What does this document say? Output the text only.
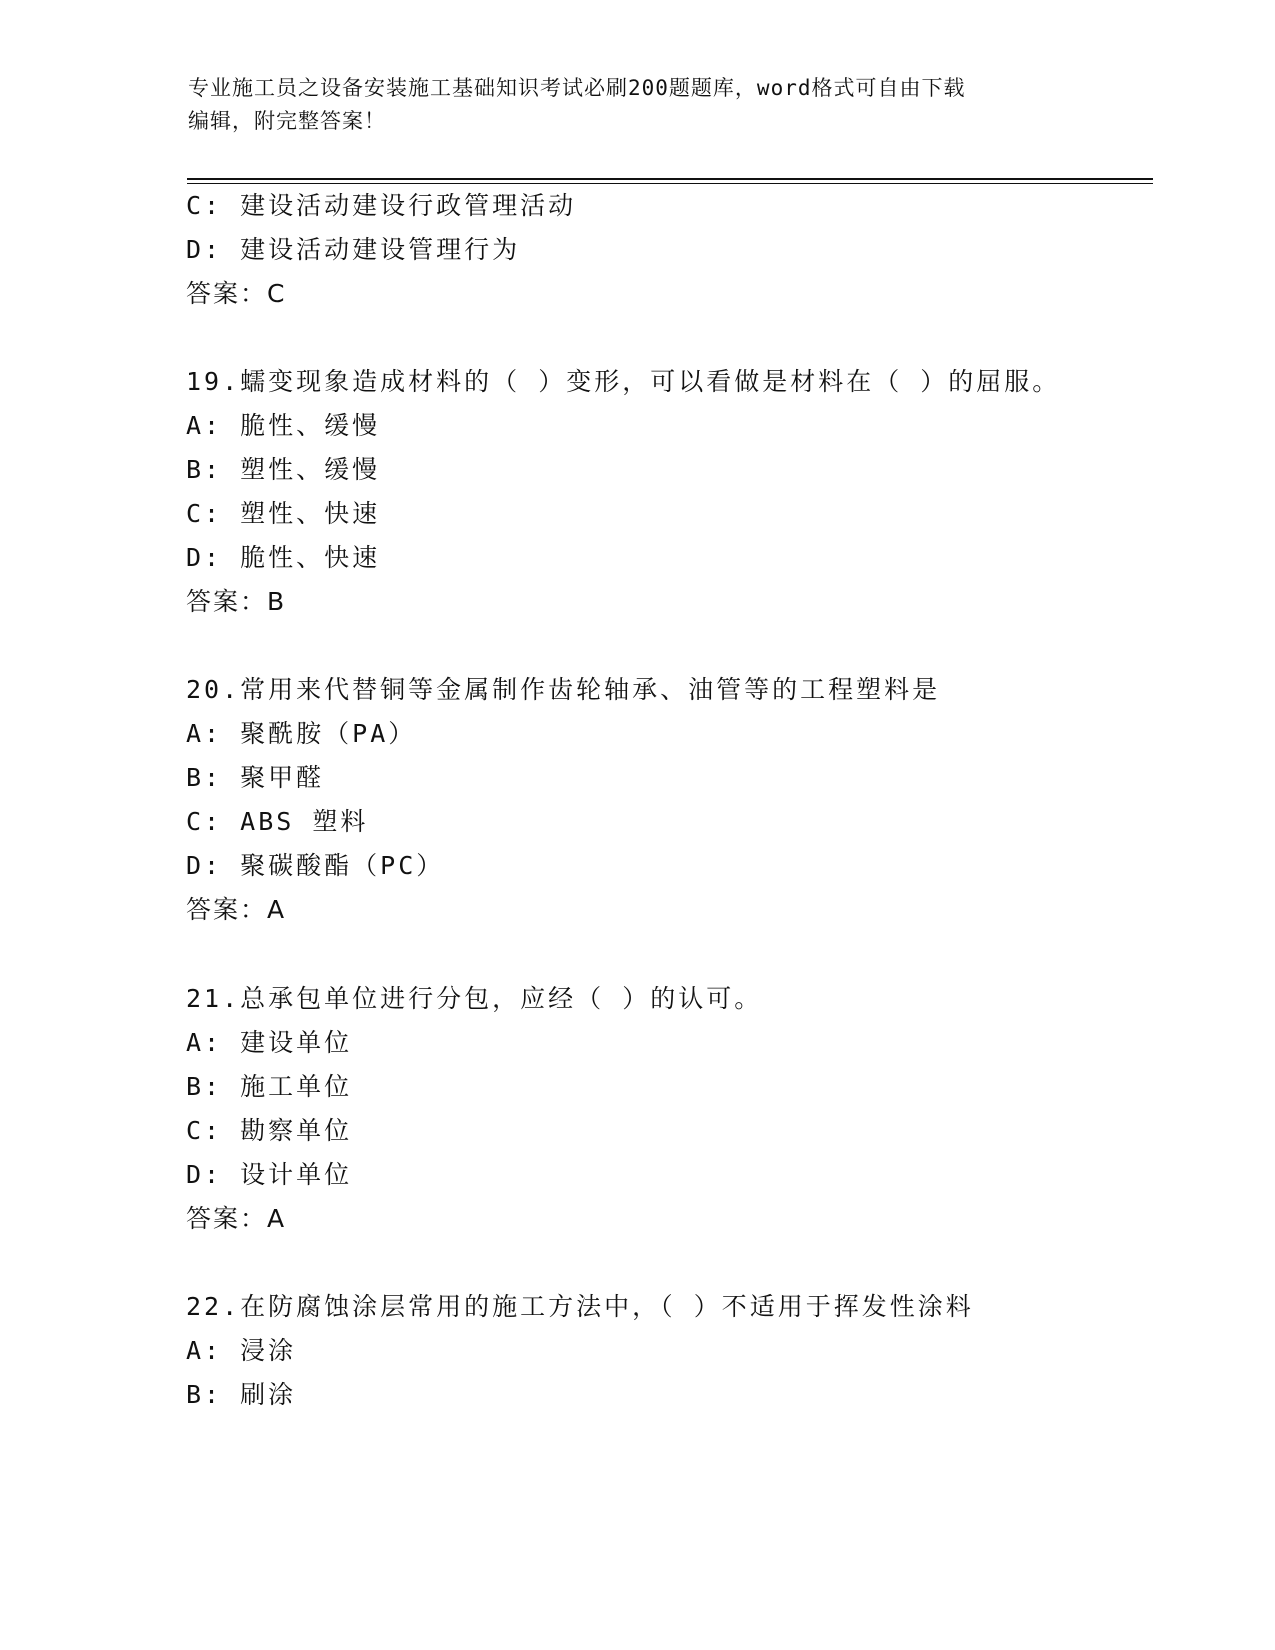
专业施工员之设备安装施工基础知识考试必刷200题题库，word格式可自由下载
编辑，附完整答案！
C: 建设活动建设行政管理活动
D: 建设活动建设管理行为
答案：C
19.蠕变现象造成材料的（ ）变形，可以看做是材料在（ ）的屈服。
A: 脆性、缓慢
B: 塑性、缓慢
C: 塑性、快速
D: 脆性、快速
答案：B
20.常用来代替铜等金属制作齿轮轴承、油管等的工程塑料是
A: 聚酰胺（PA）
B: 聚甲醛
C: ABS 塑料
D: 聚碳酸酯（PC）
答案：A
21.总承包单位进行分包，应经（ ）的认可。
A: 建设单位
B: 施工单位
C: 勘察单位
D: 设计单位
答案：A
22.在防腐蚀涂层常用的施工方法中，（ ）不适用于挥发性涂料
A: 浸涂
B: 刷涂
